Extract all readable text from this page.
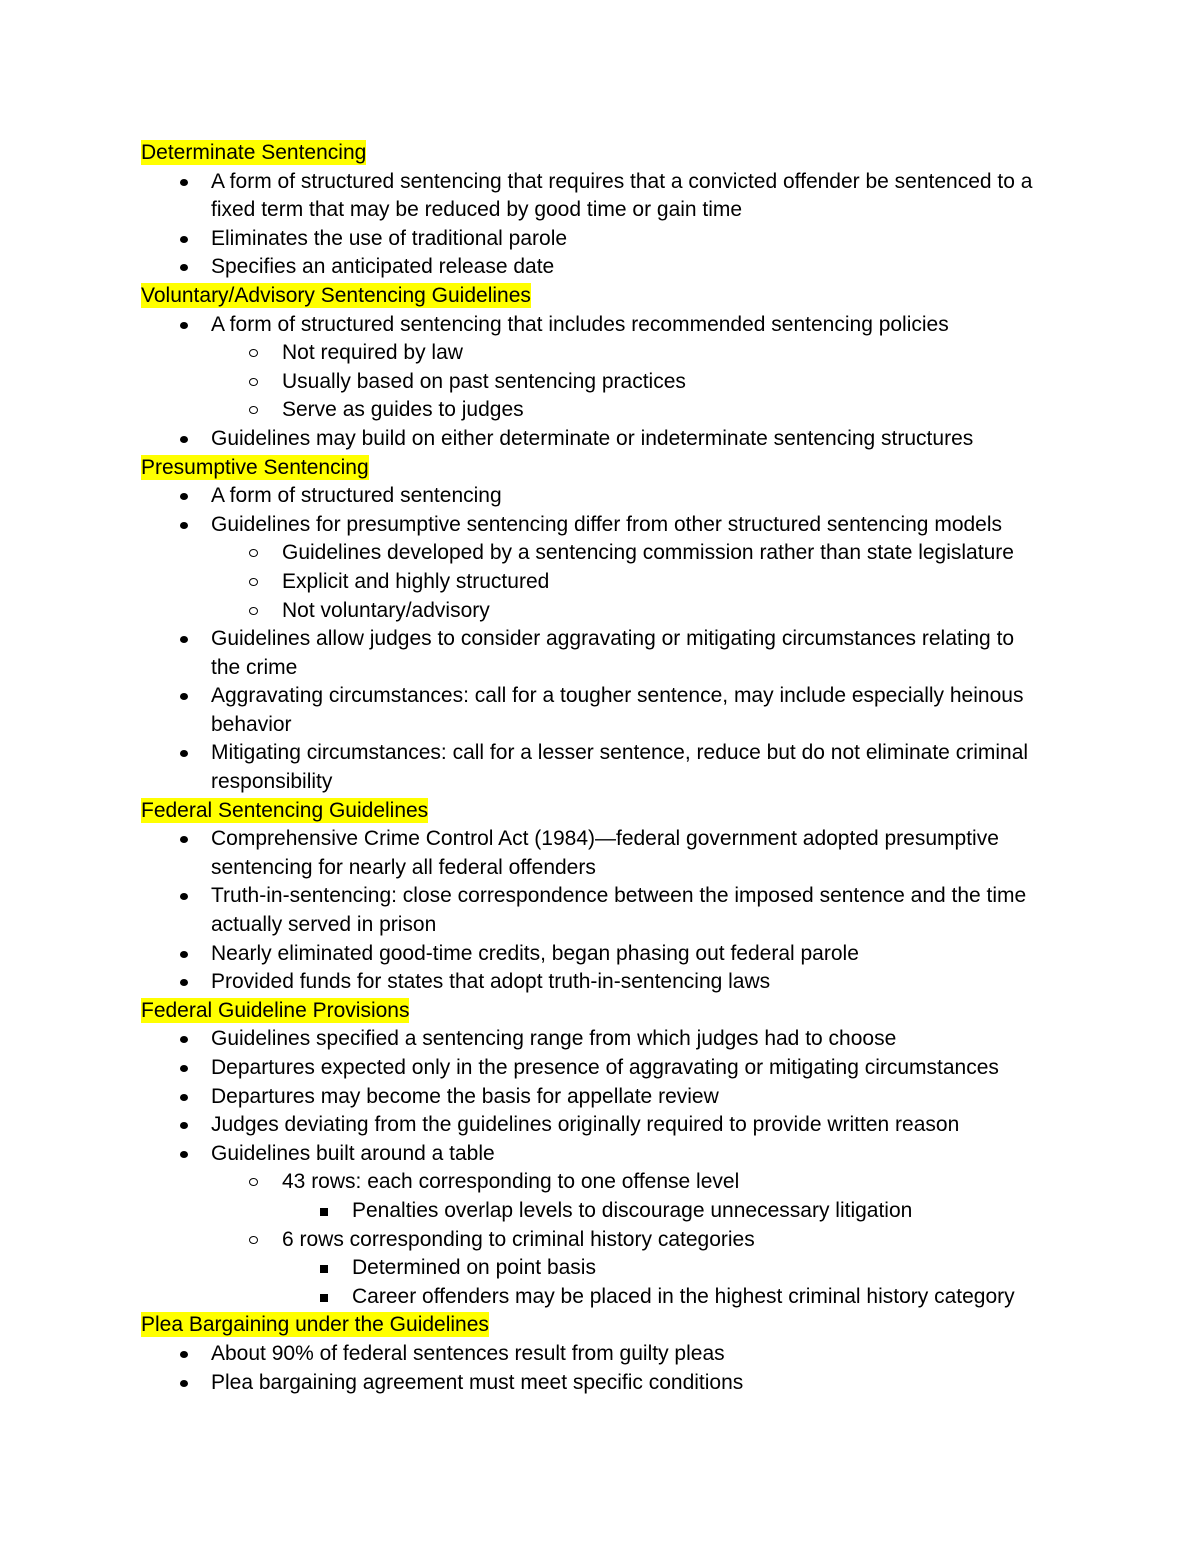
Determinate Sentencing
A form of structured sentencing that requires that a convicted offender be sentenced to a
fixed term that may be reduced by good time or gain time
Eliminates the use of traditional parole
Specifies an anticipated release date
Voluntary/Advisory Sentencing Guidelines
A form of structured sentencing that includes recommended sentencing policies
Not required by law
Usually based on past sentencing practices
Serve as guides to judges
Guidelines may build on either determinate or indeterminate sentencing structures
Presumptive Sentencing
A form of structured sentencing
Guidelines for presumptive sentencing differ from other structured sentencing models
Guidelines developed by a sentencing commission rather than state legislature
Explicit and highly structured
Not voluntary/advisory
Guidelines allow judges to consider aggravating or mitigating circumstances relating to
the crime
Aggravating circumstances: call for a tougher sentence, may include especially heinous
behavior
Mitigating circumstances: call for a lesser sentence, reduce but do not eliminate criminal
responsibility
Federal Sentencing Guidelines
Comprehensive Crime Control Act (1984)—federal government adopted presumptive
sentencing for nearly all federal offenders
Truth-in-sentencing: close correspondence between the imposed sentence and the time
actually served in prison
Nearly eliminated good-time credits, began phasing out federal parole
Provided funds for states that adopt truth-in-sentencing laws
Federal Guideline Provisions
Guidelines specified a sentencing range from which judges had to choose
Departures expected only in the presence of aggravating or mitigating circumstances
Departures may become the basis for appellate review
Judges deviating from the guidelines originally required to provide written reason
Guidelines built around a table
43 rows: each corresponding to one offense level
Penalties overlap levels to discourage unnecessary litigation
6 rows corresponding to criminal history categories
Determined on point basis
Career offenders may be placed in the highest criminal history category
Plea Bargaining under the Guidelines
About 90% of federal sentences result from guilty pleas
Plea bargaining agreement must meet specific conditions
